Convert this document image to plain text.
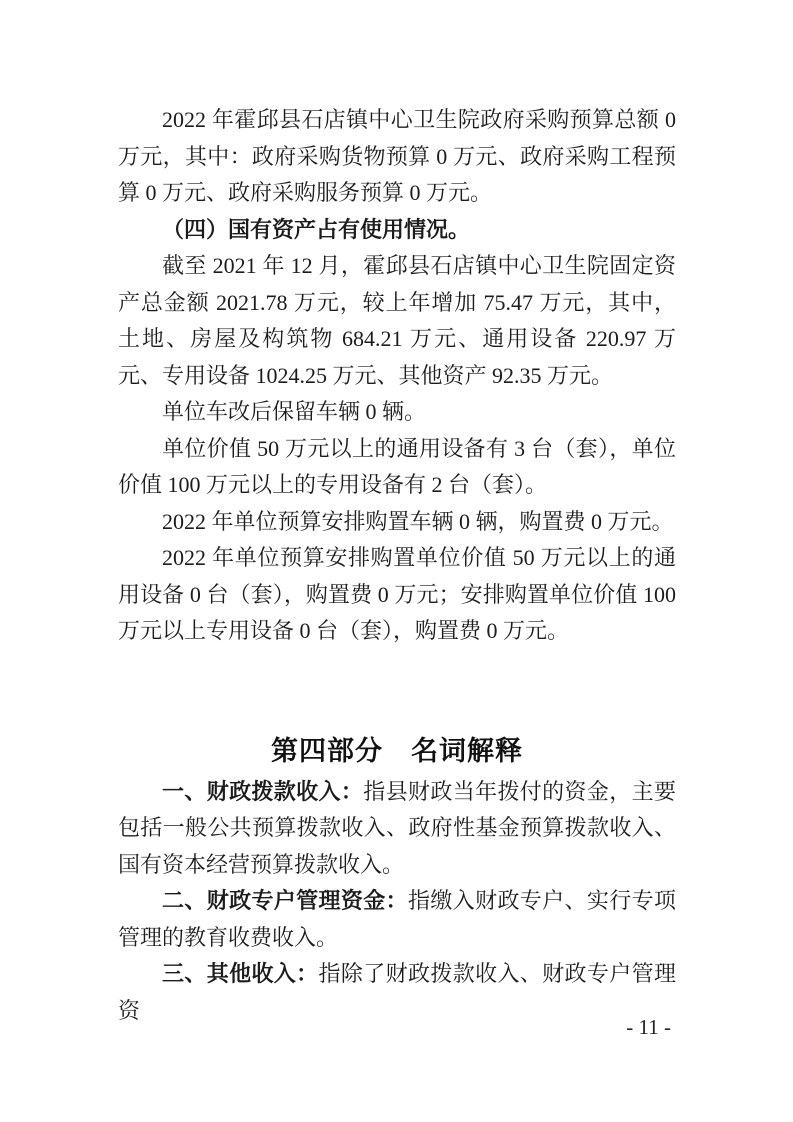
2022 年霍邱县石店镇中心卫生院政府采购预算总额 0 万元，其中：政府采购货物预算 0 万元、政府采购工程预算 0 万元、政府采购服务预算 0 万元。

（四）国有资产占有使用情况。

截至 2021 年 12 月，霍邱县石店镇中心卫生院固定资产总金额 2021.78 万元，较上年增加 75.47 万元，其中，土地、房屋及构筑物 684.21 万元、通用设备 220.97 万元、专用设备 1024.25 万元、其他资产 92.35 万元。

单位车改后保留车辆 0 辆。

单位价值 50 万元以上的通用设备有 3 台（套），单位价值 100 万元以上的专用设备有 2 台（套）。

2022 年单位预算安排购置车辆 0 辆，购置费 0 万元。

2022 年单位预算安排购置单位价值 50 万元以上的通用设备 0 台（套），购置费 0 万元；安排购置单位价值 100 万元以上专用设备 0 台（套），购置费 0 万元。

第四部分　名词解释

一、财政拨款收入：指县财政当年拨付的资金，主要包括一般公共预算拨款收入、政府性基金预算拨款收入、国有资本经营预算拨款收入。

二、财政专户管理资金：指缴入财政专户、实行专项管理的教育收费收入。

三、其他收入：指除了财政拨款收入、财政专户管理资

- 11 -
